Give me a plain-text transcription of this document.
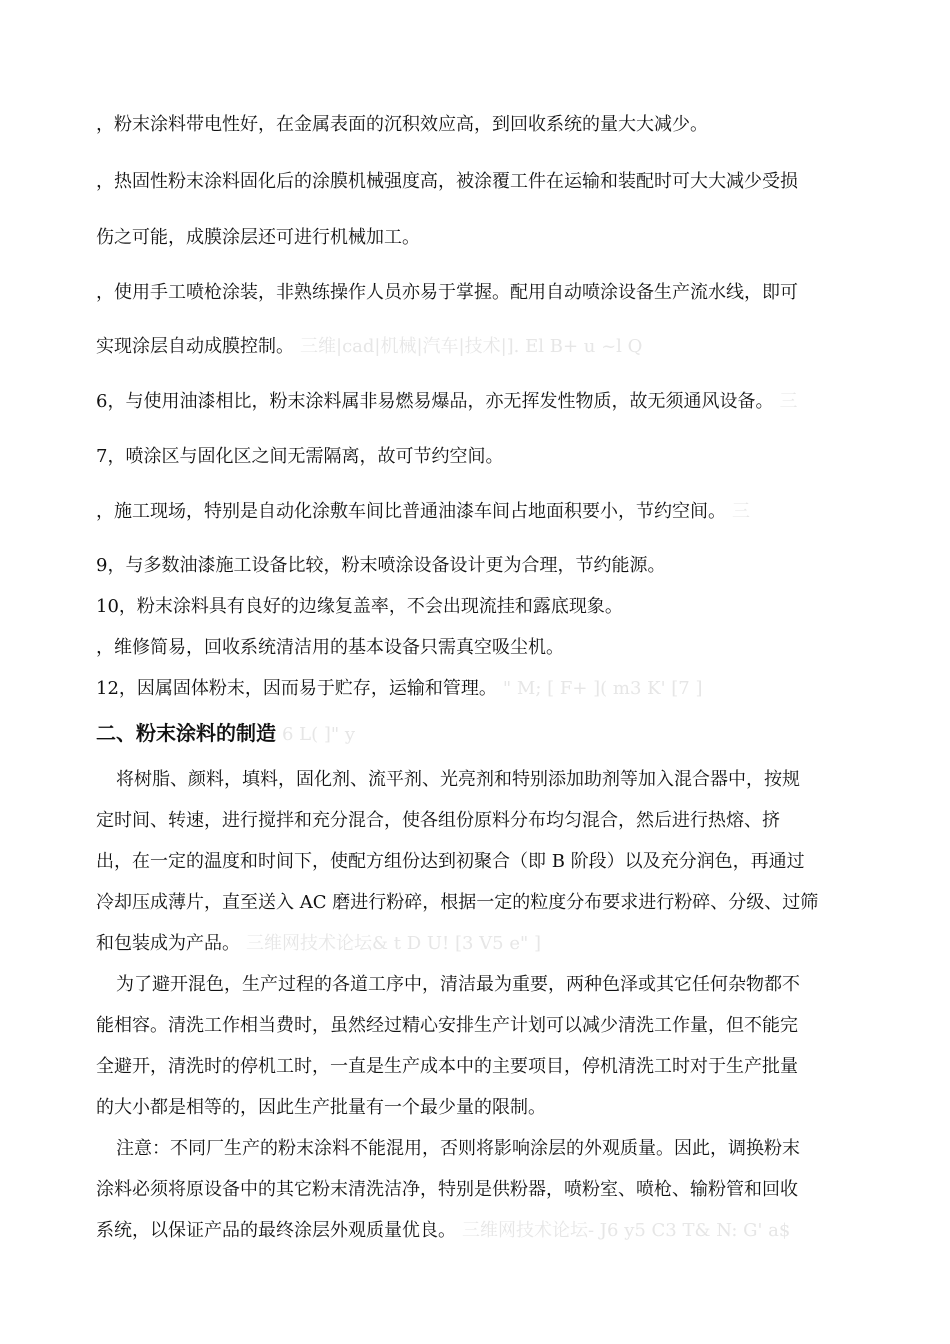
，粉末涂料带电性好，在金属表面的沉积效应高，到回收系统的量大大减少。
，热固性粉末涂料固化后的涂膜机械强度高，被涂覆工件在运输和装配时可大大减少受损
伤之可能，成膜涂层还可进行机械加工。
，使用手工喷枪涂装，非熟练操作人员亦易于掌握。配用自动喷涂设备生产流水线，即可
实现涂层自动成膜控制。 三维|cad|机械|汽车|技术|]. El B+ u ~l Q
6，与使用油漆相比，粉末涂料属非易燃易爆品，亦无挥发性物质，故无须通风设备。 三
7，喷涂区与固化区之间无需隔离，故可节约空间。
，施工现场，特别是自动化涂敷车间比普通油漆车间占地面积要小，节约空间。 三
9，与多数油漆施工设备比较，粉末喷涂设备设计更为合理，节约能源。
10，粉末涂料具有良好的边缘复盖率，不会出现流挂和露底现象。
，维修简易，回收系统清洁用的基本设备只需真空吸尘机。
12，因属固体粉末，因而易于贮存，运输和管理。 " M; [ F+ ]( m3 K' [7 ]
二、粉末涂料的制造 6 L( ]" y
将树脂、颜料，填料，固化剂、流平剂、光亮剂和特别添加助剂等加入混合器中，按规
定时间、转速，进行搅拌和充分混合，使各组份原料分布均匀混合，然后进行热熔、挤
出，在一定的温度和时间下，使配方组份达到初聚合（即 B 阶段）以及充分润色，再通过
冷却压成薄片，直至送入 AC 磨进行粉碎，根据一定的粒度分布要求进行粉碎、分级、过筛
和包装成为产品。 三维网技术论坛& t D U! [3 V5 e" ]
为了避开混色，生产过程的各道工序中，清洁最为重要，两种色泽或其它任何杂物都不
能相容。清洗工作相当费时，虽然经过精心安排生产计划可以减少清洗工作量，但不能完
全避开，清洗时的停机工时，一直是生产成本中的主要项目，停机清洗工时对于生产批量
的大小都是相等的，因此生产批量有一个最少量的限制。
注意：不同厂生产的粉末涂料不能混用，否则将影响涂层的外观质量。因此，调换粉末
涂料必须将原设备中的其它粉末清洗洁净，特别是供粉器，喷粉室、喷枪、输粉管和回收
系统，以保证产品的最终涂层外观质量优良。 三维网技术论坛- J6 y5 C3 T& N: G' a$
